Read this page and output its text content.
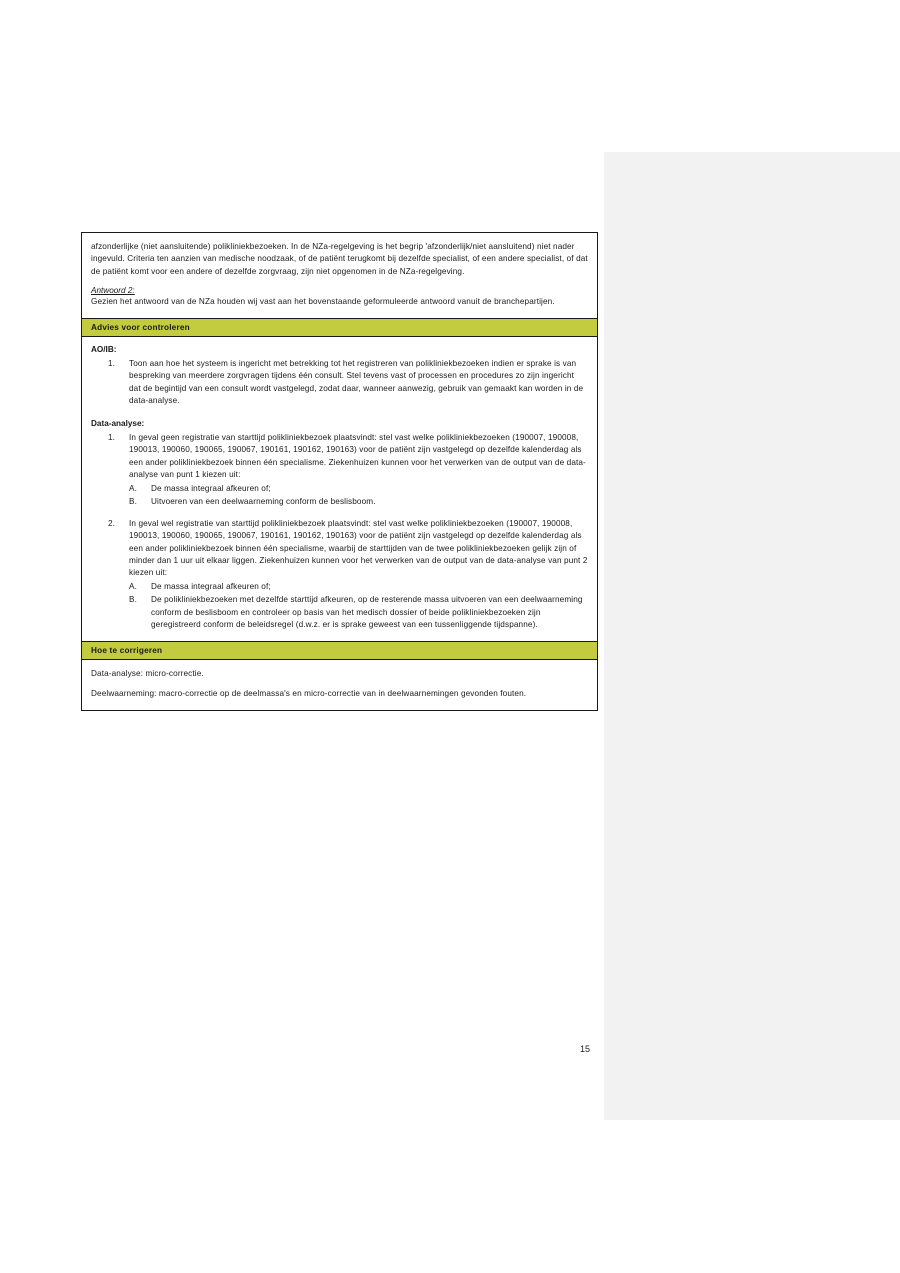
afzonderlijke (niet aansluitende) polikliniekbezoeken. In de NZa-regelgeving is het begrip 'afzonderlijk/niet aansluitend) niet nader ingevuld. Criteria ten aanzien van medische noodzaak, of de patiënt terugkomt bij dezelfde specialist, of een andere specialist, of dat de patiënt komt voor een andere of dezelfde zorgvraag, zijn niet opgenomen in de NZa-regelgeving.

Antwoord 2:

Gezien het antwoord van de NZa houden wij vast aan het bovenstaande geformuleerde antwoord vanuit de branchepartijen.

Advies voor controleren
AO/IB:
1.	Toon aan hoe het systeem is ingericht met betrekking tot het registreren van polikliniekbezoeken indien er sprake is van bespreking van meerdere zorgvragen tijdens één consult. Stel tevens vast of processen en procedures zo zijn ingericht dat de begintijd van een consult wordt vastgelegd, zodat daar, wanneer aanwezig, gebruik van gemaakt kan worden in de data-analyse.
Data-analyse:
1.	In geval geen registratie van starttijd polikliniekbezoek plaatsvindt: stel vast welke polikliniekbezoeken (190007, 190008, 190013, 190060, 190065, 190067, 190161, 190162, 190163) voor de patiënt zijn vastgelegd op dezelfde kalenderdag als een ander polikliniekbezoek binnen één specialisme. Ziekenhuizen kunnen voor het verwerken van de output van de data-analyse van punt 1 kiezen uit:
A.	De massa integraal afkeuren of;
B.	Uitvoeren van een deelwaarneming conform de beslisboom.
2.	In geval wel registratie van starttijd polikliniekbezoek plaatsvindt: stel vast welke polikliniekbezoeken (190007, 190008, 190013, 190060, 190065, 190067, 190161, 190162, 190163) voor de patiënt zijn vastgelegd op dezelfde kalenderdag als een ander polikliniekbezoek binnen één specialisme, waarbij de starttijden van de twee polikliniekbezoeken gelijk zijn of minder dan 1 uur uit elkaar liggen. Ziekenhuizen kunnen voor het verwerken van de output van de data-analyse van punt 2 kiezen uit:
A.	De massa integraal afkeuren of;
B.	De polikliniekbezoeken met dezelfde starttijd afkeuren, op de resterende massa uitvoeren van een deelwaarneming conform de beslisboom en controleer op basis van het medisch dossier of beide polikliniekbezoeken zijn geregistreerd conform de beleidsregel (d.w.z. er is sprake geweest van een tussenliggende tijdspanne).
Hoe te corrigeren

Data-analyse: micro-correctie.

Deelwaarneming: macro-correctie op de deelmassa's en micro-correctie van in deelwaarnemingen gevonden fouten.

15
